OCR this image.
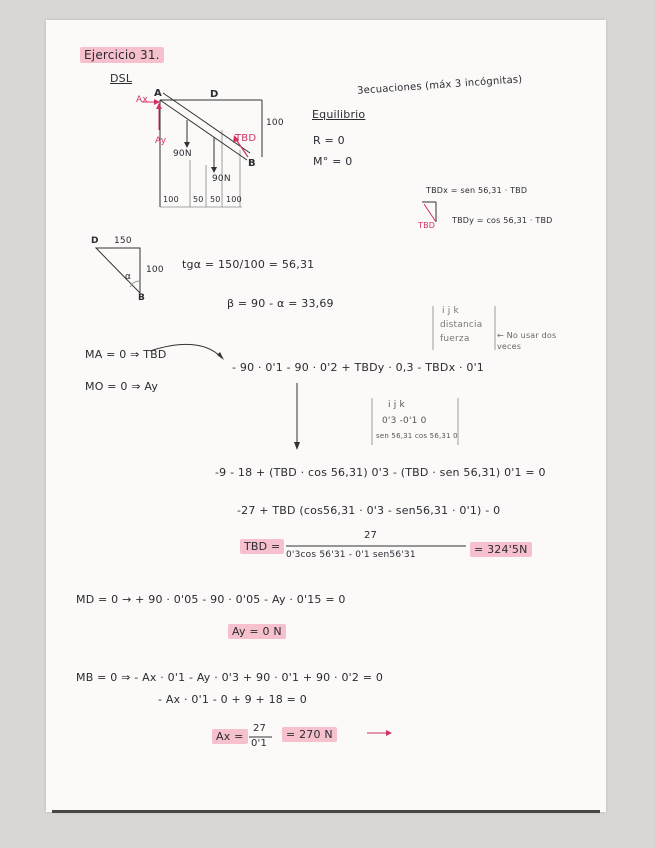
Ejercicio 31.
DSL
A	D
B
Ax
Ay
90N
90N
TBD
100
100 50 50 100
3ecuaciones (máx 3 incógnitas)
Equilibrio
R = 0
M° = 0
TBDx = sen 56,31 · TBD
TBDy = cos 56,31 · TBD
TBD
D 150
100
α
B
tgα = 150/100 = 56,31
β = 90 - α = 33,69
i j k
distancia
fuerza	← No usar dos veces
MA = 0 ⇒ TBD
MO = 0 ⇒ Ay
- 90 · 0'1 - 90 · 0'2 + TBDy · 0,3 - TBDx · 0'1
i j k
0'3 -0'1 0
sen 56,31 cos 56,31 0
-9 - 18 + (TBD · cos 56,31) 0'3 - (TBD · sen 56,31) 0'1 = 0
-27 + TBD (cos56,31 · 0'3 - sen56,31 · 0'1) - 0
TBD =
27
0'3cos 56'31 - 0'1 sen56'31	= 324'5N
MD = 0 → + 90 · 0'05 - 90 · 0'05 - Ay · 0'15 = 0
Ay = 0 N
MB = 0 ⇒ - Ax · 0'1 - Ay · 0'3 + 90 · 0'1 + 90 · 0'2 = 0
- Ax · 0'1 - 0 + 9 + 18 = 0
Ax =
27
0'1
= 270 N
